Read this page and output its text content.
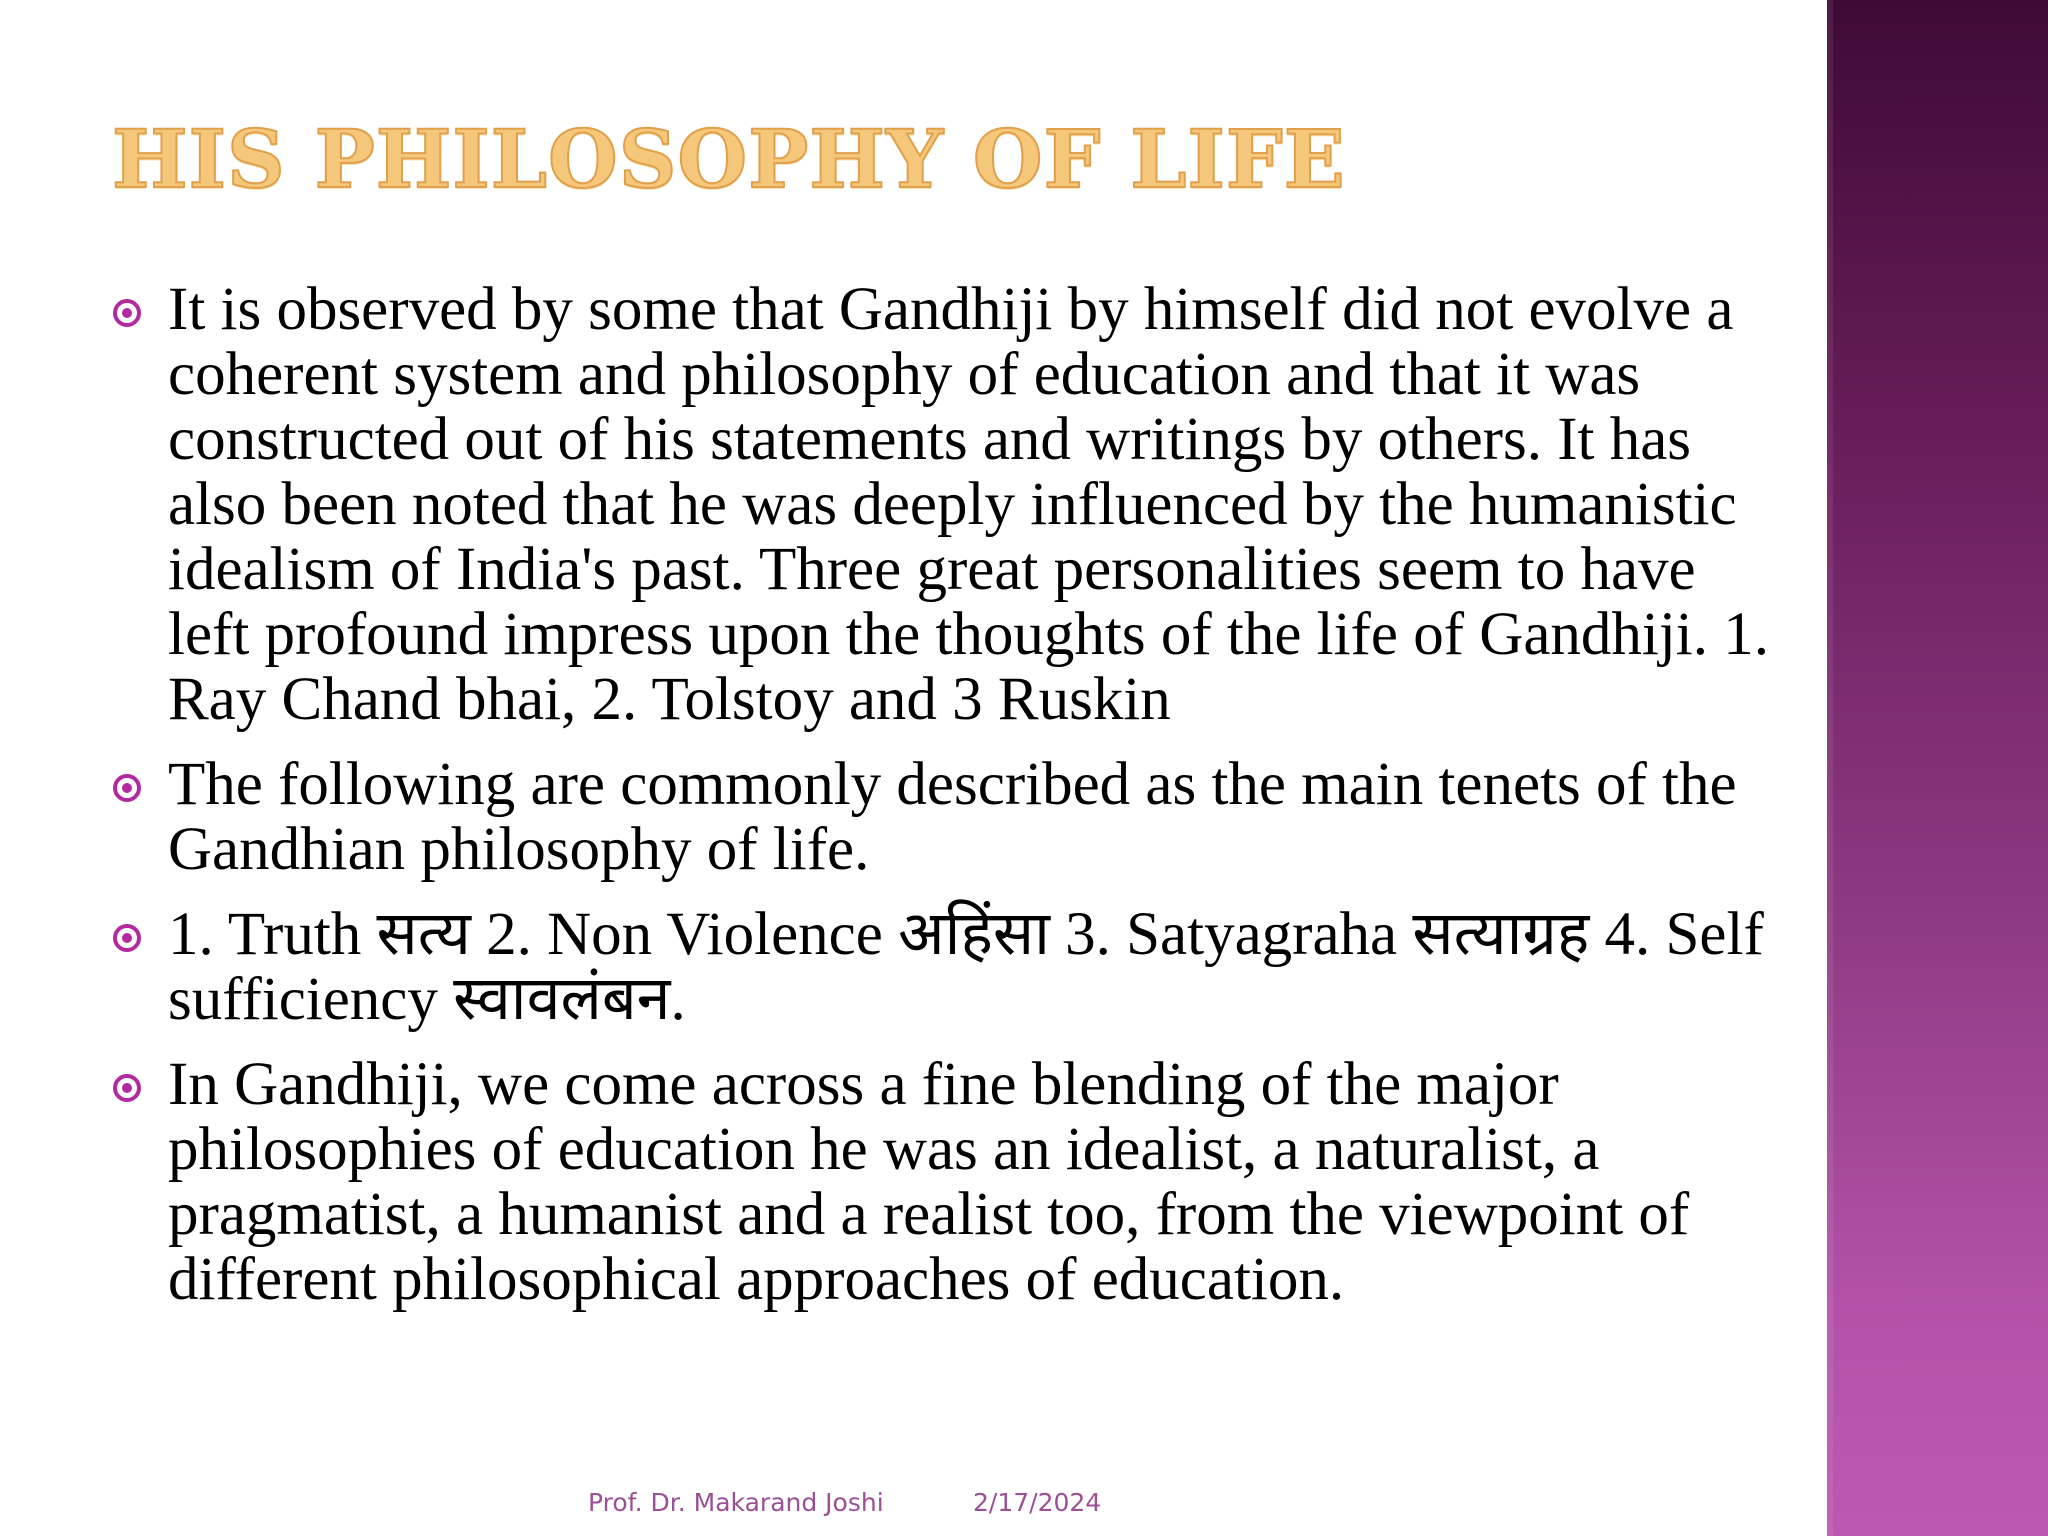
HIS PHILOSOPHY OF LIFE
It is observed by some that Gandhiji by himself did not evolve a coherent system and philosophy of education and that it was constructed out of his statements and writings by others. It has also been noted that he was deeply influenced by the humanistic idealism of India's past. Three great personalities seem to have left profound impress upon the thoughts of the life of Gandhiji. 1. Ray Chand bhai, 2. Tolstoy and 3 Ruskin
The following are commonly described as the main tenets of the Gandhian philosophy of life.
1. Truth सत्य 2. Non Violence अहिंसा 3. Satyagraha सत्याग्रह 4. Self sufficiency स्वावलंबन.
In Gandhiji, we come across a fine blending of the major philosophies of education he was an idealist, a naturalist, a pragmatist, a humanist and a realist too, from the viewpoint of different philosophical approaches of education.
Prof. Dr. Makarand Joshi	2/17/2024
